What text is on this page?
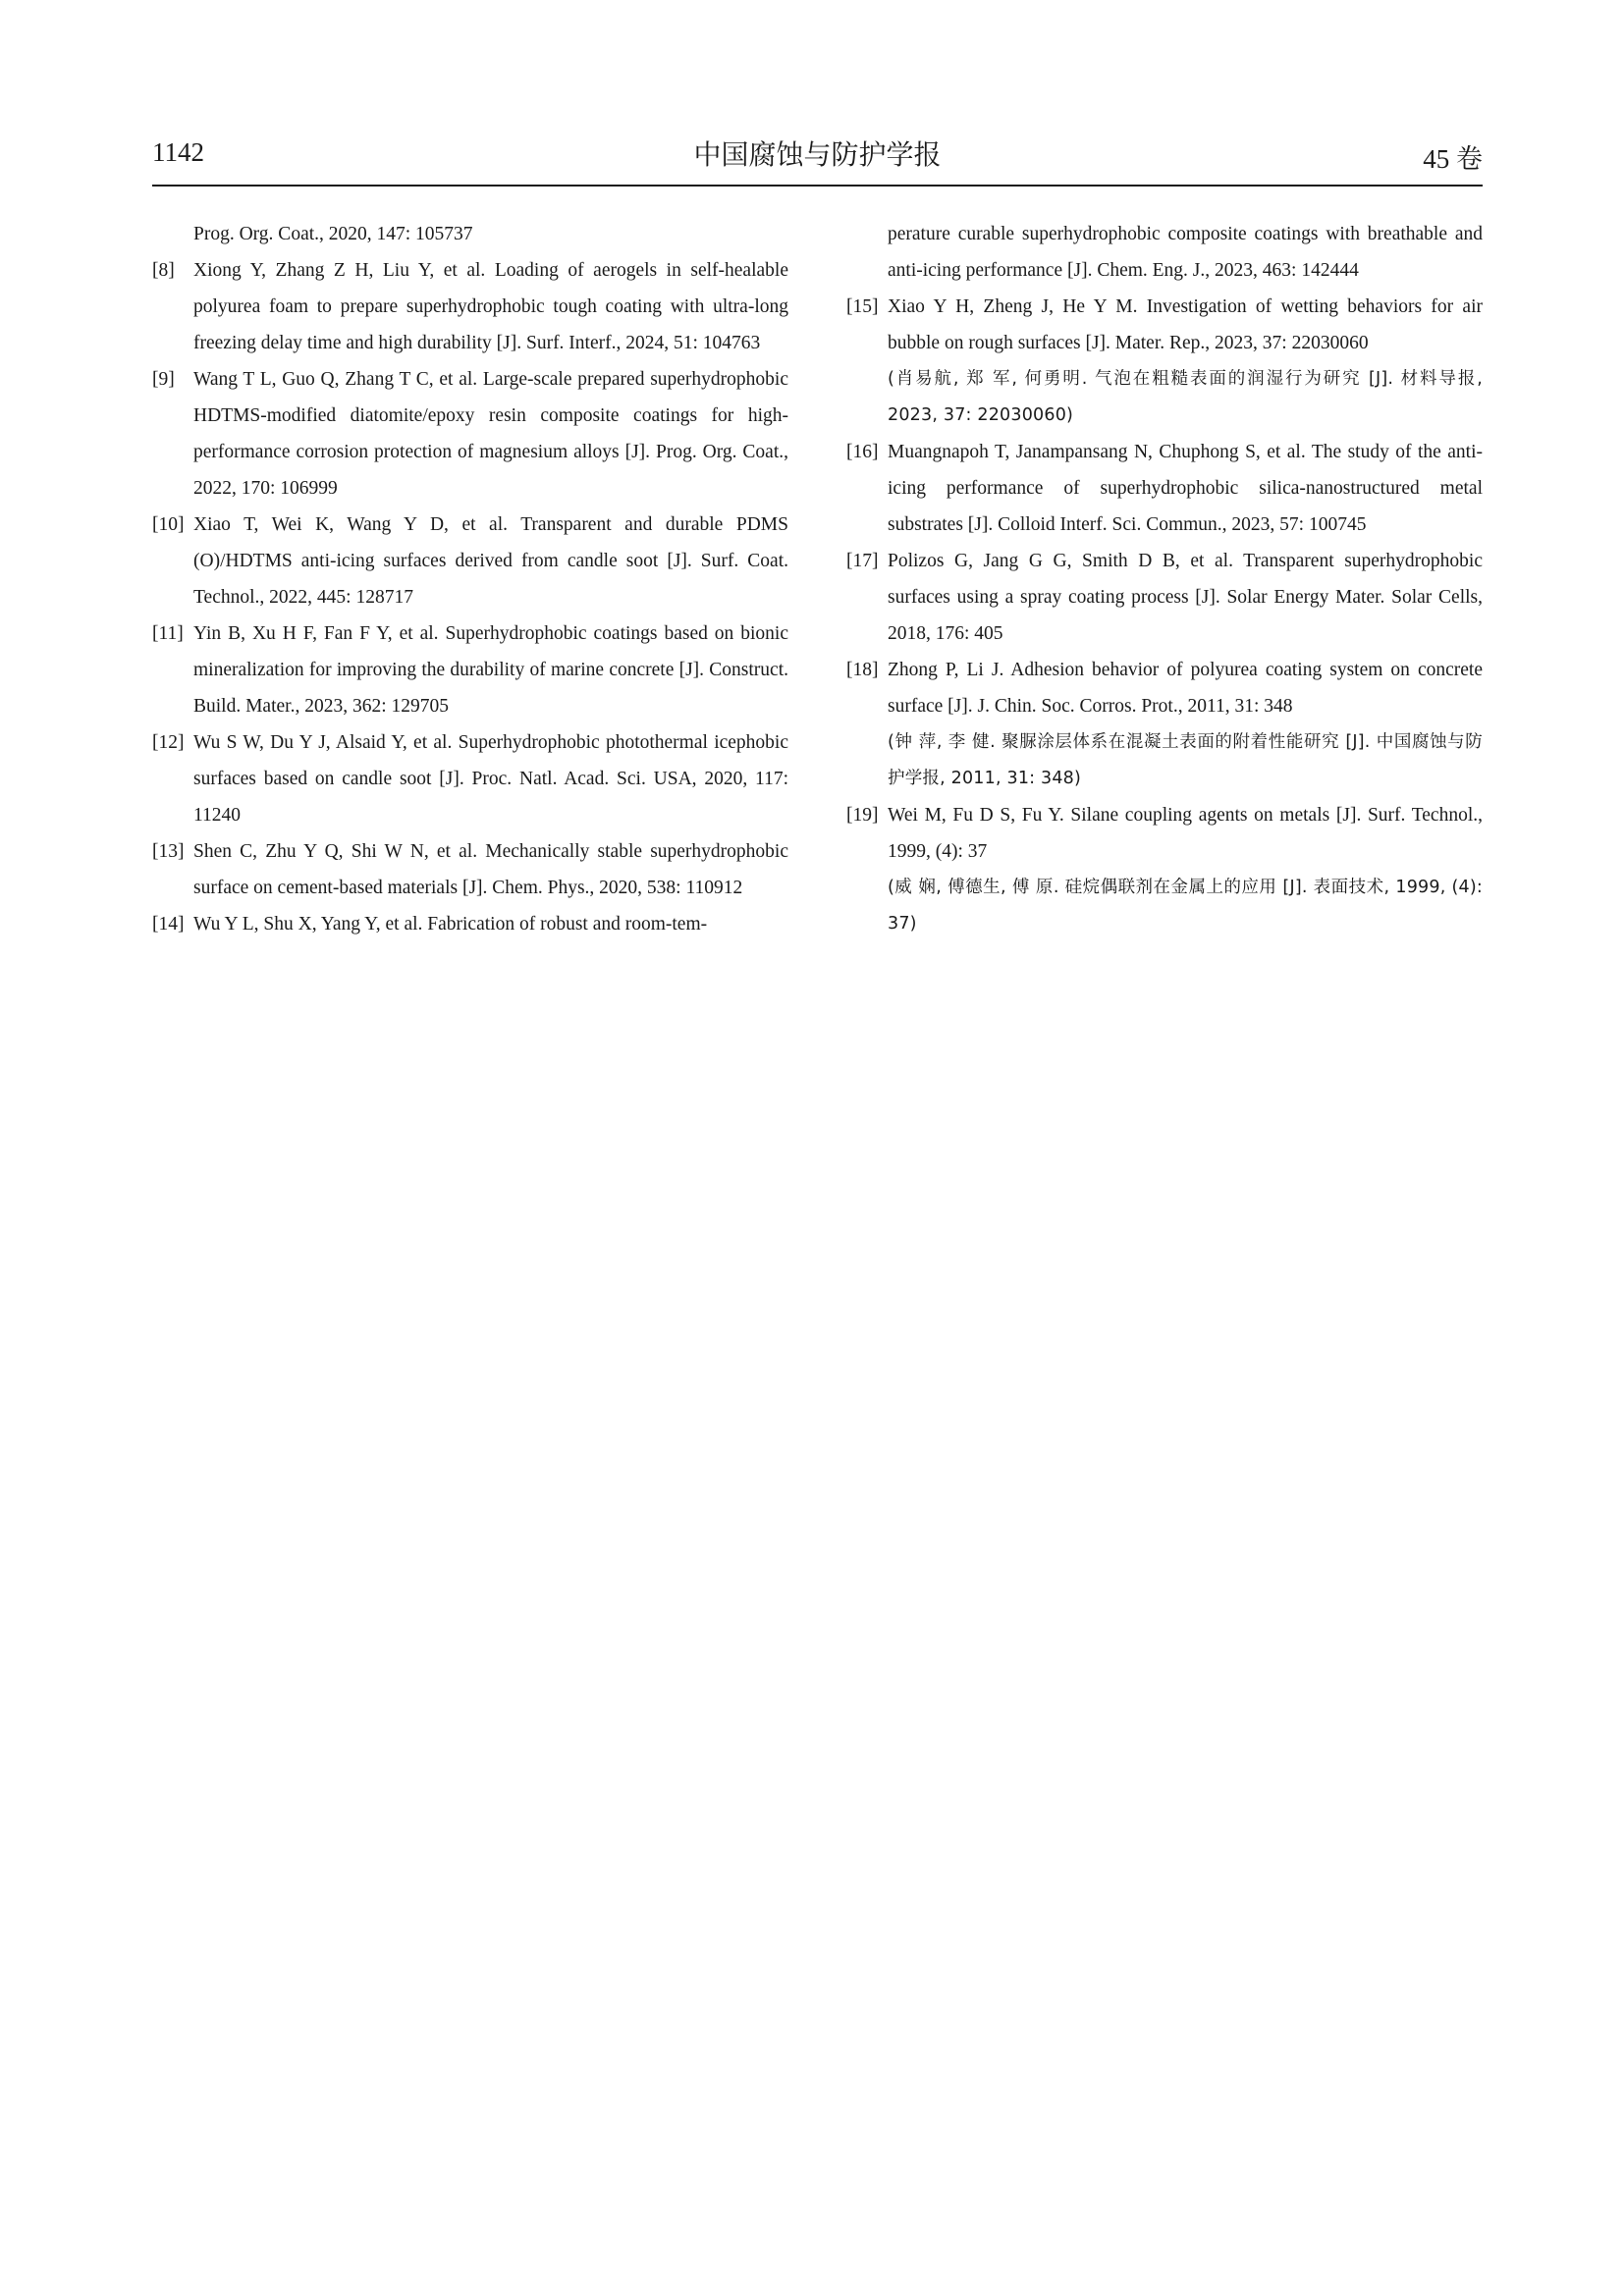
1142	中国腐蚀与防护学报	45 卷
Prog. Org. Coat., 2020, 147: 105737
[8] Xiong Y, Zhang Z H, Liu Y, et al. Loading of aerogels in self-healable polyurea foam to prepare superhydrophobic tough coating with ultra-long freezing delay time and high durability [J]. Surf. Interf., 2024, 51: 104763
[9] Wang T L, Guo Q, Zhang T C, et al. Large-scale prepared superhydrophobic HDTMS-modified diatomite/epoxy resin composite coatings for high-performance corrosion protection of magnesium alloys [J]. Prog. Org. Coat., 2022, 170: 106999
[10] Xiao T, Wei K, Wang Y D, et al. Transparent and durable PDMS (O)/HDTMS anti-icing surfaces derived from candle soot [J]. Surf. Coat. Technol., 2022, 445: 128717
[11] Yin B, Xu H F, Fan F Y, et al. Superhydrophobic coatings based on bionic mineralization for improving the durability of marine concrete [J]. Construct. Build. Mater., 2023, 362: 129705
[12] Wu S W, Du Y J, Alsaid Y, et al. Superhydrophobic photothermal icephobic surfaces based on candle soot [J]. Proc. Natl. Acad. Sci. USA, 2020, 117: 11240
[13] Shen C, Zhu Y Q, Shi W N, et al. Mechanically stable superhydrophobic surface on cement-based materials [J]. Chem. Phys., 2020, 538: 110912
[14] Wu Y L, Shu X, Yang Y, et al. Fabrication of robust and room-tem-
perature curable superhydrophobic composite coatings with breathable and anti-icing performance [J]. Chem. Eng. J., 2023, 463: 142444
[15] Xiao Y H, Zheng J, He Y M. Investigation of wetting behaviors for air bubble on rough surfaces [J]. Mater. Rep., 2023, 37: 22030060
(肖易航, 郑 军, 何勇明. 气泡在粗糙表面的润湿行为研究 [J]. 材料导报, 2023, 37: 22030060)
[16] Muangnapoh T, Janampansang N, Chuphong S, et al. The study of the anti-icing performance of superhydrophobic silica-nanostructured metal substrates [J]. Colloid Interf. Sci. Commun., 2023, 57: 100745
[17] Polizos G, Jang G G, Smith D B, et al. Transparent superhydrophobic surfaces using a spray coating process [J]. Solar Energy Mater. Solar Cells, 2018, 176: 405
[18] Zhong P, Li J. Adhesion behavior of polyurea coating system on concrete surface [J]. J. Chin. Soc. Corros. Prot., 2011, 31: 348
(钟 萍, 李 健. 聚脲涂层体系在混凝土表面的附着性能研究 [J]. 中国腐蚀与防护学报, 2011, 31: 348)
[19] Wei M, Fu D S, Fu Y. Silane coupling agents on metals [J]. Surf. Technol., 1999, (4): 37
(威 娴, 傅德生, 傅 原. 硅烷偶联剂在金属上的应用 [J]. 表面技术, 1999, (4): 37)
